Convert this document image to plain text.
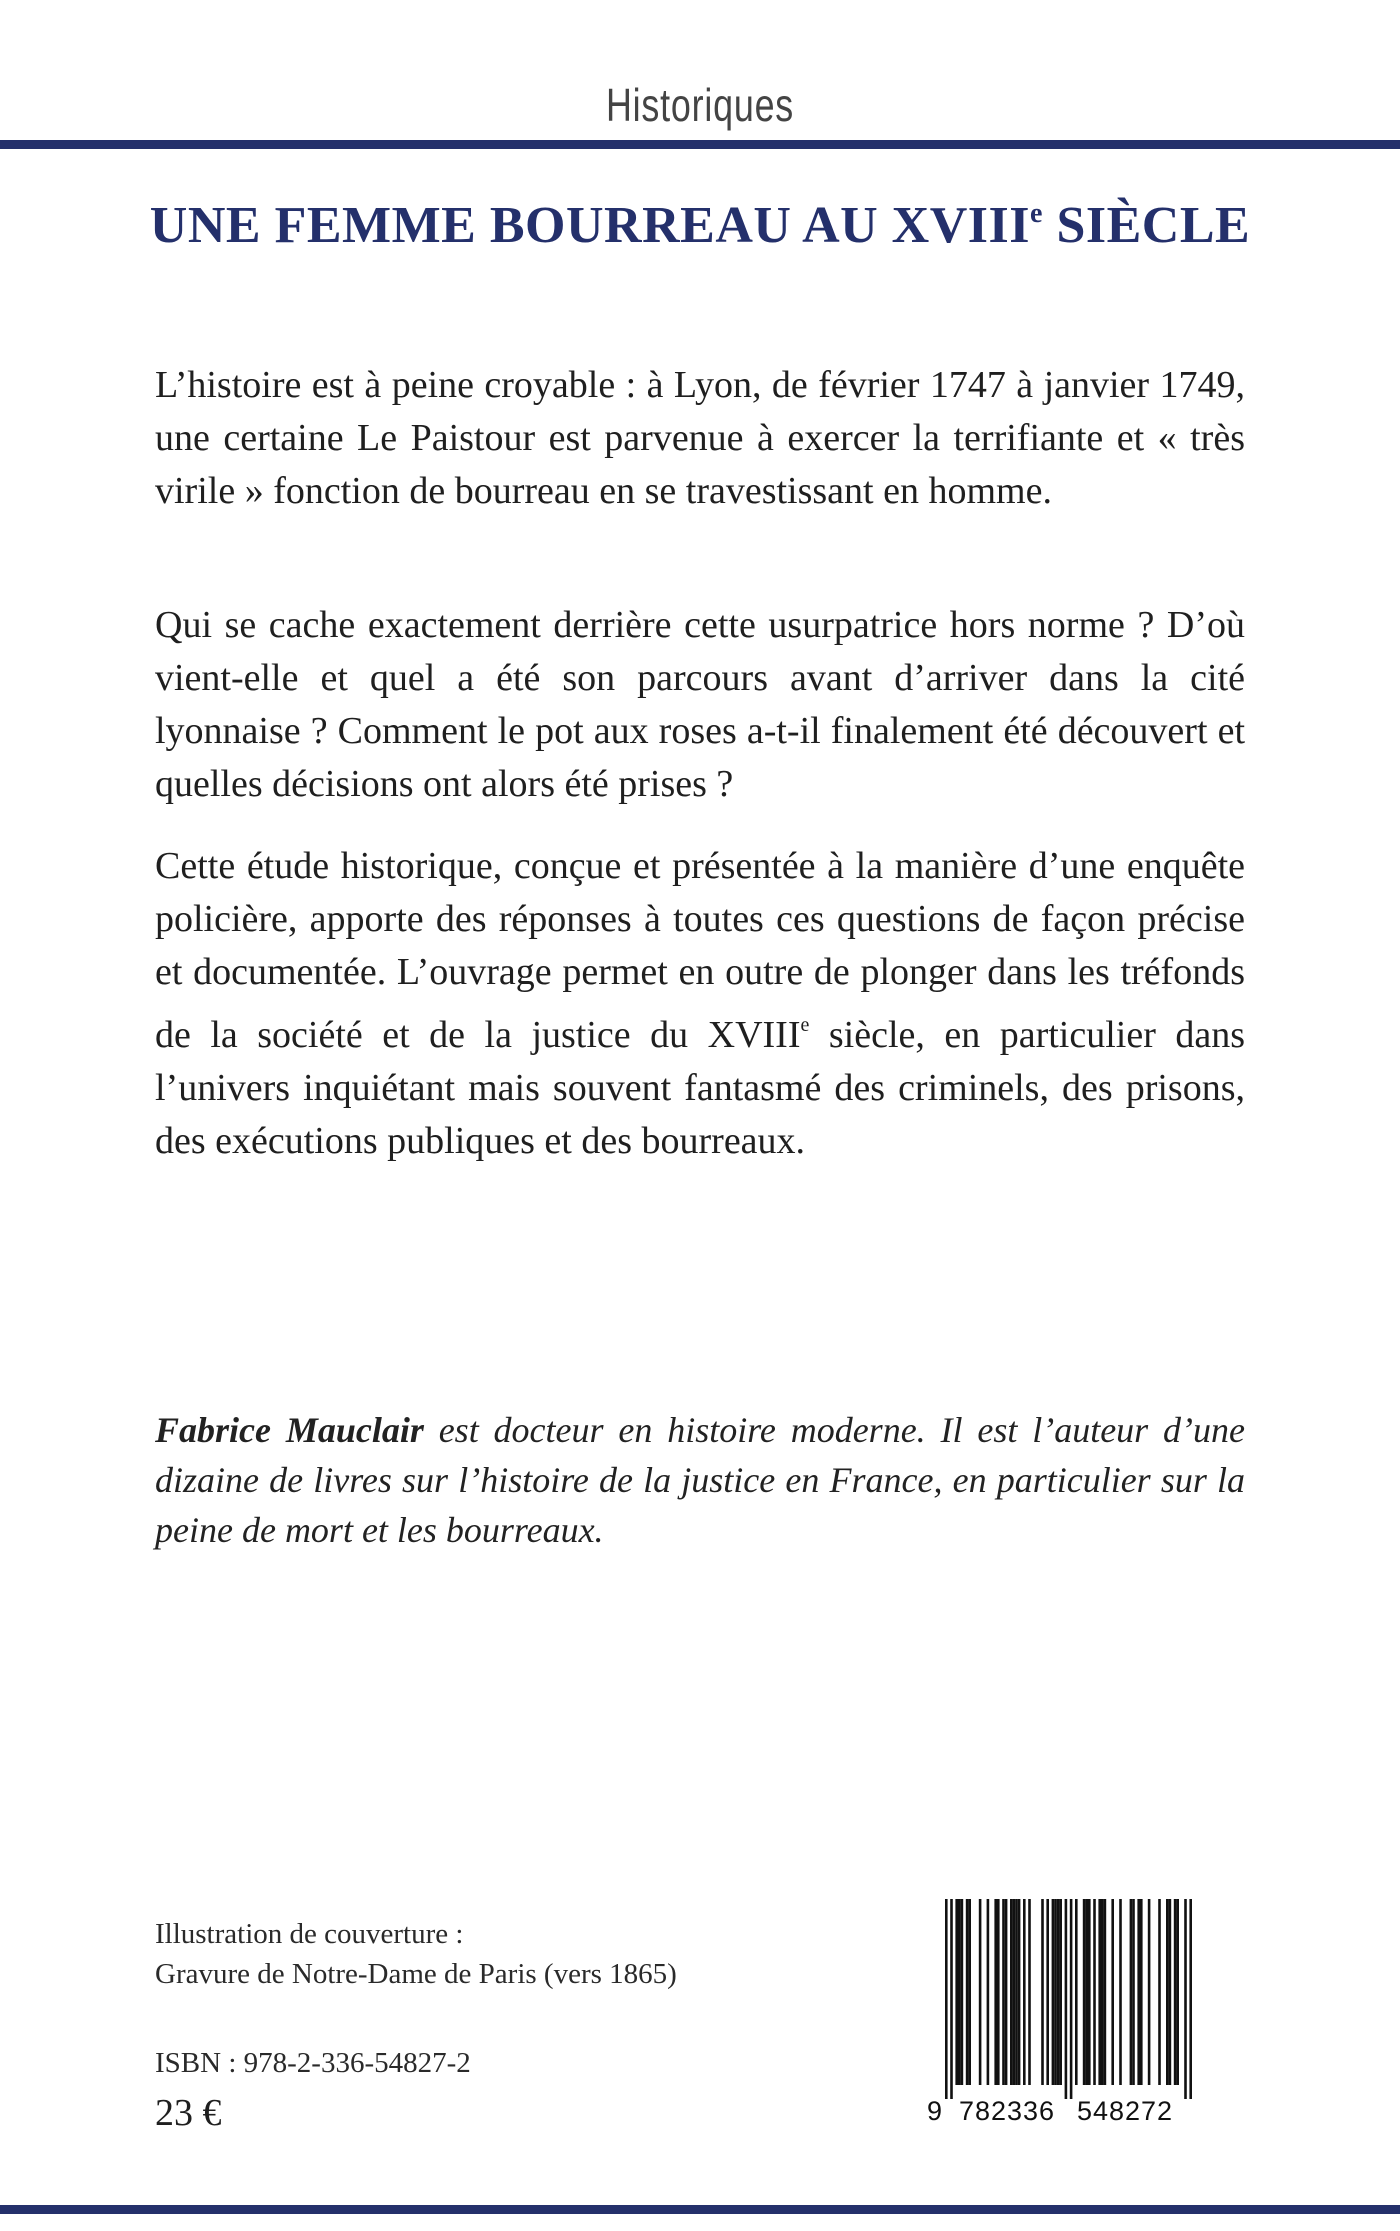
Historiques
UNE FEMME BOURREAU AU XVIIIe SIÈCLE

L’histoire est à peine croyable : à Lyon, de février 1747 à janvier 1749, une certaine Le Paistour est parvenue à exercer la terrifiante et « très virile » fonction de bourreau en se travestissant en homme.

Qui se cache exactement derrière cette usurpatrice hors norme ? D’où vient-elle et quel a été son parcours avant d’arriver dans la cité lyonnaise ? Comment le pot aux roses a-t-il finalement été découvert et quelles décisions ont alors été prises ?

Cette étude historique, conçue et présentée à la manière d’une enquête policière, apporte des réponses à toutes ces questions de façon précise et documentée. L’ouvrage permet en outre de plonger dans les tréfonds de la société et de la justice du XVIIIe siècle, en particulier dans l’univers inquiétant mais souvent fantasmé des criminels, des prisons, des exécutions publiques et des bourreaux.

Fabrice Mauclair est docteur en histoire moderne. Il est l’auteur d’une dizaine de livres sur l’histoire de la justice en France, en particulier sur la peine de mort et les bourreaux.

Illustration de couverture :

Gravure de Notre-Dame de Paris (vers 1865)

ISBN : 978-2-336-54827-2

23 €	9 782336 548272
